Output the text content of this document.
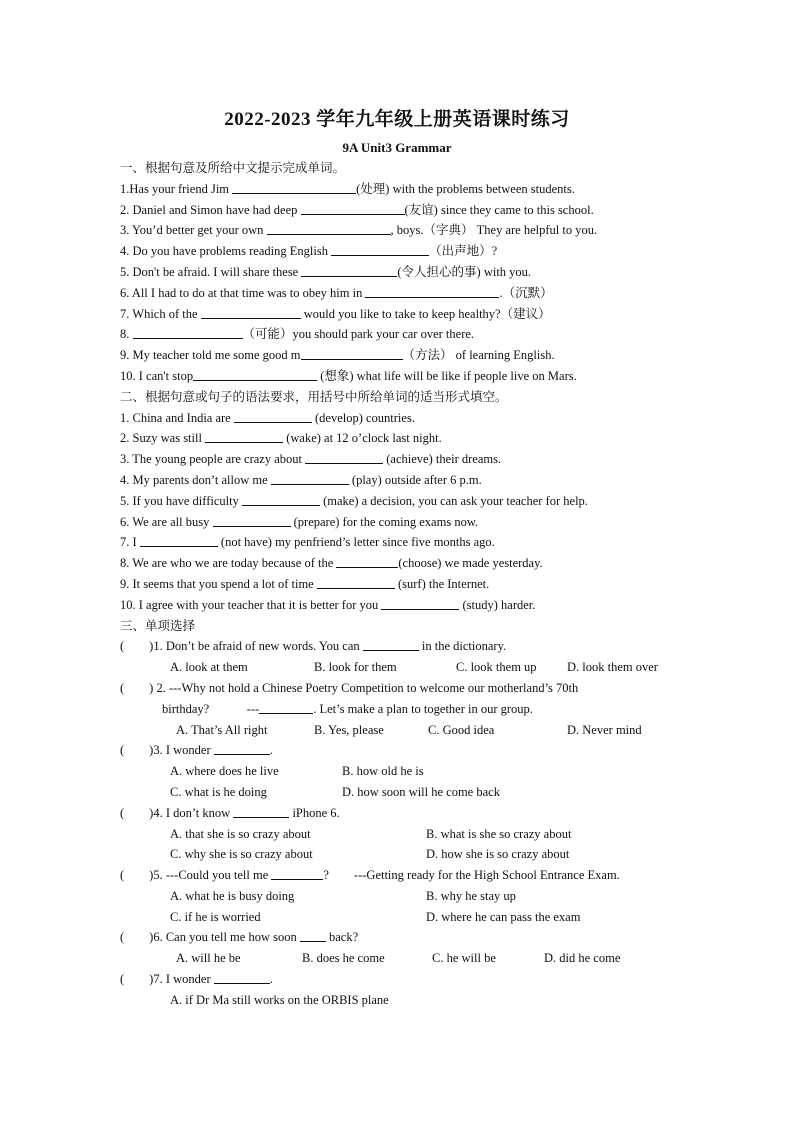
2022-2023 学年九年级上册英语课时练习
9A Unit3 Grammar
一、根据句意及所给中文提示完成单词。
1.Has your friend Jim	(处理) with the problems between students.
2. Daniel and Simon have had deep	(友谊) since they came to this school.
3. You’d better get your own	, boys.（字典） They are helpful to you.
4. Do you have problems reading English	（出声地）?
5. Don't be afraid. I will share these	(令人担心的事) with you.
6. All I had to do at that time was to obey him in	.（沉默）
7. Which of the	would you like to take to keep healthy?（建议）
8.	（可能）you should park your car over there.
9. My teacher told me some good m	（方法） of learning English.
10. I can't stop	(想象) what life will be like if people live on Mars.
二、根据句意或句子的语法要求，用括号中所给单词的适当形式填空。
1. China and India are	(develop) countries.
2. Suzy was still	(wake) at 12 o’clock last night.
3. The young people are crazy about	(achieve) their dreams.
4. My parents don’t allow me	(play) outside after 6 p.m.
5. If you have difficulty	(make) a decision, you can ask your teacher for help.
6. We are all busy	(prepare) for the coming exams now.
7. I	(not have) my penfriend’s letter since five months ago.
8. We are who we are today because of the	(choose) we made yesterday.
9. It seems that you spend a lot of time	(surf) the Internet.
10. I agree with your teacher that it is better for you	(study) harder.
三、单项选择
(　　)1. Don’t be afraid of new words. You can	in the dictionary.
A. look at them	B. look for them	C. look them up D. look them over
(　　) 2. ---Why not hold a Chinese Poetry Competition to welcome our motherland’s 70th
birthday?　　　---	. Let’s make a plan to together in our group.
A. That’s All right	B. Yes, please	C. Good idea	D. Never mind
(　　)3. I wonder	.
A. where does he live	B. how old he is
C. what is he doing	D. how soon will he come back
(　　)4. I don’t know	iPhone 6.
A. that she is so crazy about	B. what is she so crazy about
C. why she is so crazy about	D. how she is so crazy about
(　　)5. ---Could you tell me	?　　---Getting ready for the High School Entrance Exam.
A. what he is busy doing	B. why he stay up
C. if he is worried	D. where he can pass the exam
(　　)6. Can you tell me how soon  back?
A. will he be	B. does he come	C. he will be	D. did he come
(　　)7. I wonder	.
A. if Dr Ma still works on the ORBIS plane
